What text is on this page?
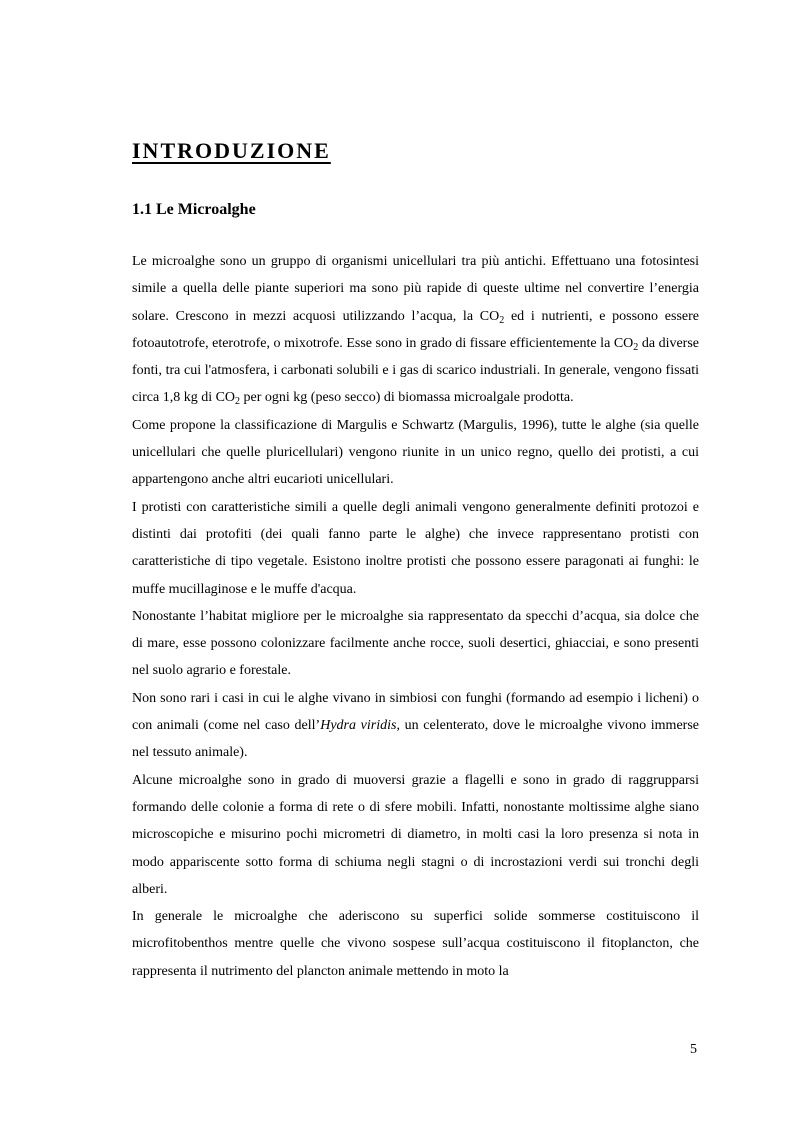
INTRODUZIONE
1.1 Le Microalghe

Le microalghe sono un gruppo di organismi unicellulari tra più antichi. Effettuano una fotosintesi simile a quella delle piante superiori ma sono più rapide di queste ultime nel convertire l’energia solare. Crescono in mezzi acquosi utilizzando l’acqua, la $CO_2$ ed i nutrienti, e possono essere fotoautotrofe, eterotrofe, o mixotrofe. Esse sono in grado di fissare efficientemente la $CO_2$ da diverse fonti, tra cui l'atmosfera, i carbonati solubili e i gas di scarico industriali. In generale, vengono fissati circa 1,8 kg di $CO_2$ per ogni kg (peso secco) di biomassa microalgale prodotta.

Come propone la classificazione di Margulis e Schwartz (Margulis, 1996), tutte le alghe (sia quelle unicellulari che quelle pluricellulari) vengono riunite in un unico regno, quello dei protisti, a cui appartengono anche altri eucarioti unicellulari.

I protisti con caratteristiche simili a quelle degli animali vengono generalmente definiti protozoi e distinti dai protofiti (dei quali fanno parte le alghe) che invece rappresentano protisti con caratteristiche di tipo vegetale. Esistono inoltre protisti che possono essere paragonati ai funghi: le muffe mucillaginose e le muffe d'acqua.

Nonostante l’habitat migliore per le microalghe sia rappresentato da specchi d’acqua, sia dolce che di mare, esse possono colonizzare facilmente anche rocce, suoli desertici, ghiacciai, e sono presenti nel suolo agrario e forestale.

Non sono rari i casi in cui le alghe vivano in simbiosi con funghi (formando ad esempio i licheni) o con animali (come nel caso dell’Hydra viridis, un celenterato, dove le microalghe vivono immerse nel tessuto animale).

Alcune microalghe sono in grado di muoversi grazie a flagelli e sono in grado di raggrupparsi formando delle colonie a forma di rete o di sfere mobili. Infatti, nonostante moltissime alghe siano microscopiche e misurino pochi micrometri di diametro, in molti casi la loro presenza si nota in modo appariscente sotto forma di schiuma negli stagni o di incrostazioni verdi sui tronchi degli alberi.

In generale le microalghe che aderiscono su superfici solide sommerse costituiscono il microfitobenthos mentre quelle che vivono sospese sull’acqua costituiscono il fitoplancton, che rappresenta il nutrimento del plancton animale mettendo in moto la

5
